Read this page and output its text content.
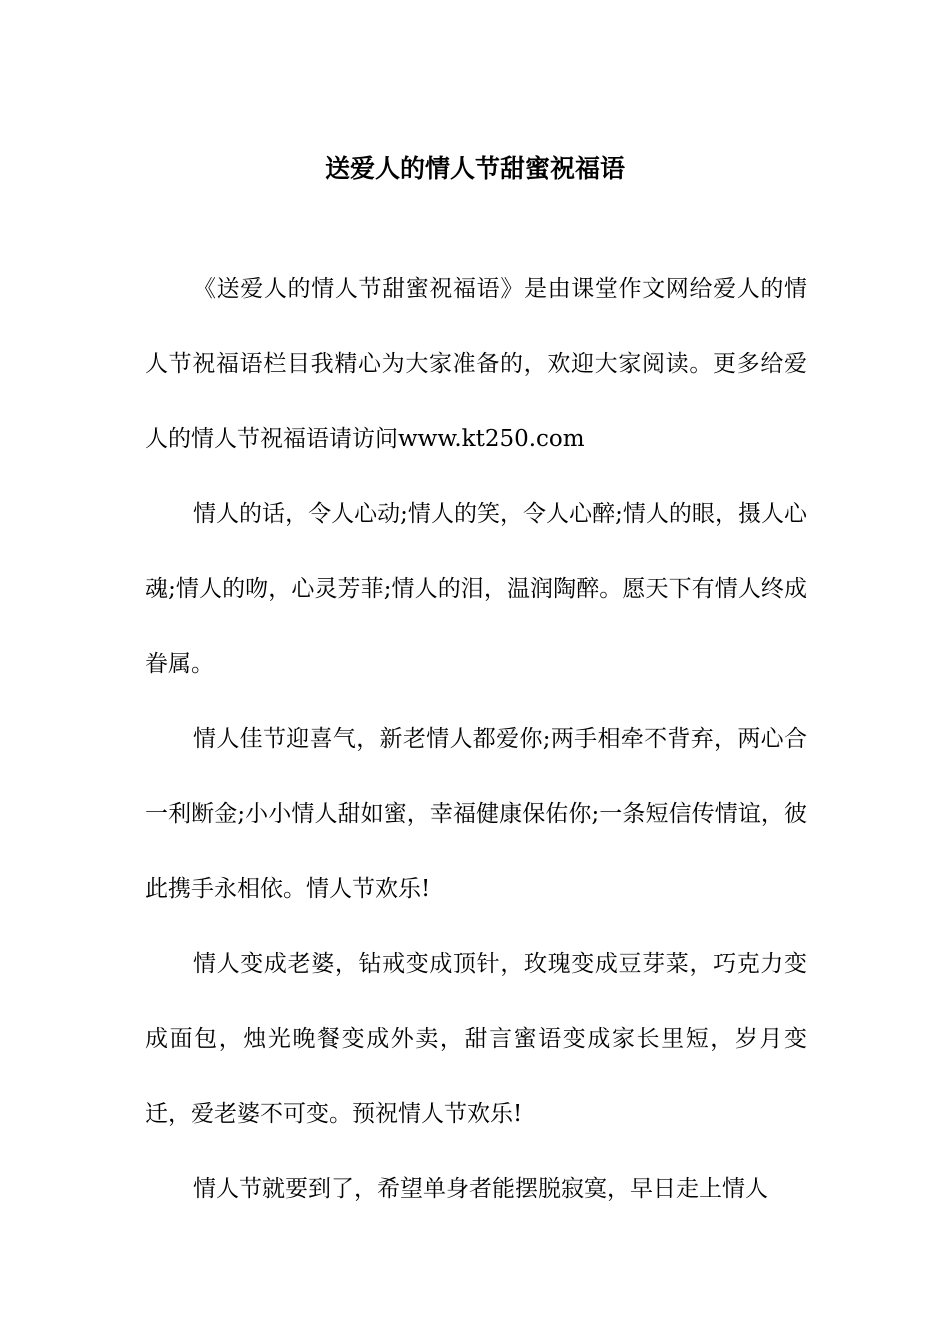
送爱人的情人节甜蜜祝福语

《送爱人的情人节甜蜜祝福语》是由课堂作文网给爱人的情人节祝福语栏目我精心为大家准备的，欢迎大家阅读。更多给爱人的情人节祝福语请访问www.kt250.com

情人的话，令人心动;情人的笑，令人心醉;情人的眼，摄人心魂;情人的吻，心灵芳菲;情人的泪，温润陶醉。愿天下有情人终成眷属。

情人佳节迎喜气，新老情人都爱你;两手相牵不背弃，两心合一利断金;小小情人甜如蜜，幸福健康保佑你;一条短信传情谊，彼此携手永相依。情人节欢乐!

情人变成老婆，钻戒变成顶针，玫瑰变成豆芽菜，巧克力变成面包，烛光晚餐变成外卖，甜言蜜语变成家长里短，岁月变迁，爱老婆不可变。预祝情人节欢乐!

情人节就要到了，希望单身者能摆脱寂寞，早日走上情人
